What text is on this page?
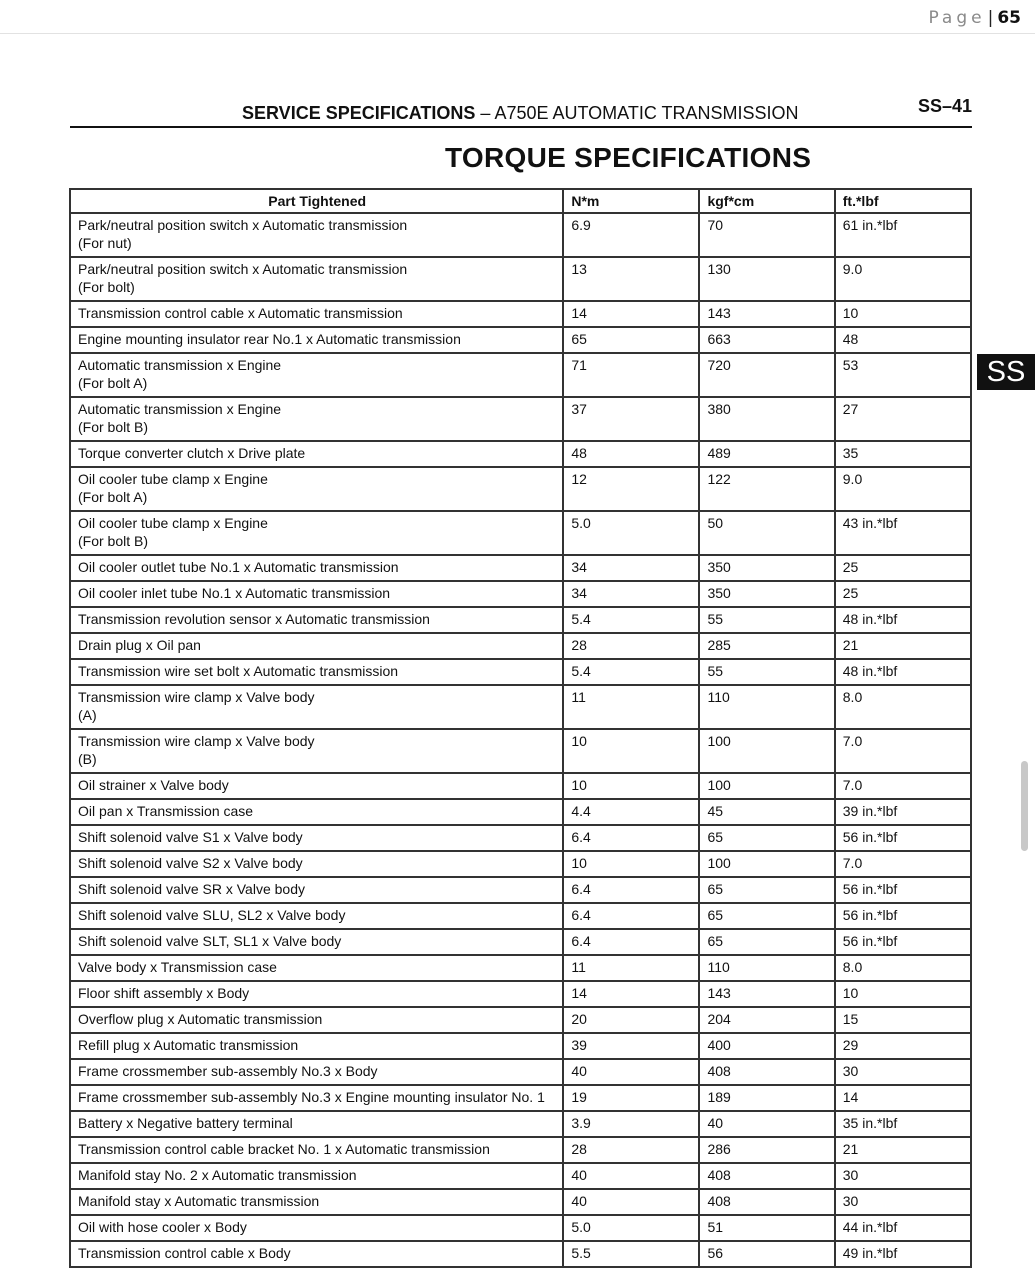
Page | 65
SERVICE SPECIFICATIONS – A750E AUTOMATIC TRANSMISSION	SS–41
TORQUE SPECIFICATIONS
SS
Part Tightened	N*m	kgf*cm	ft.*lbf

Park/neutral position switch x Automatic transmission
(For nut)	6.9	70	61 in.*lbf

Park/neutral position switch x Automatic transmission
(For bolt)	13	130	9.0

Transmission control cable x Automatic transmission	14	143	10

Engine mounting insulator rear No.1 x Automatic transmission	65	663	48

Automatic transmission x Engine
(For bolt A)	71	720	53

Automatic transmission x Engine
(For bolt B)	37	380	27

Torque converter clutch x Drive plate	48	489	35

Oil cooler tube clamp x Engine
(For bolt A)	12	122	9.0

Oil cooler tube clamp x Engine
(For bolt B)	5.0	50	43 in.*lbf

Oil cooler outlet tube No.1 x Automatic transmission	34	350	25

Oil cooler inlet tube No.1 x Automatic transmission	34	350	25

Transmission revolution sensor x Automatic transmission	5.4	55	48 in.*lbf

Drain plug x Oil pan	28	285	21

Transmission wire set bolt x Automatic transmission	5.4	55	48 in.*lbf

Transmission wire clamp x Valve body
(A)	11	110	8.0

Transmission wire clamp x Valve body
(B)	10	100	7.0

Oil strainer x Valve body	10	100	7.0

Oil pan x Transmission case	4.4	45	39 in.*lbf

Shift solenoid valve S1 x Valve body	6.4	65	56 in.*lbf

Shift solenoid valve S2 x Valve body	10	100	7.0

Shift solenoid valve SR x Valve body	6.4	65	56 in.*lbf

Shift solenoid valve SLU, SL2 x Valve body	6.4	65	56 in.*lbf

Shift solenoid valve SLT, SL1 x Valve body	6.4	65	56 in.*lbf

Valve body x Transmission case	11	110	8.0

Floor shift assembly x Body	14	143	10

Overflow plug x Automatic transmission	20	204	15

Refill plug x Automatic transmission	39	400	29

Frame crossmember sub-assembly No.3 x Body	40	408	30

Frame crossmember sub-assembly No.3 x Engine mounting insulator No. 1	19	189	14

Battery x Negative battery terminal	3.9	40	35 in.*lbf

Transmission control cable bracket No. 1 x Automatic transmission	28	286	21

Manifold stay No. 2 x Automatic transmission	40	408	30

Manifold stay x Automatic transmission	40	408	30

Oil with hose cooler x Body	5.0	51	44 in.*lbf

Transmission control cable x Body	5.5	56	49 in.*lbf
